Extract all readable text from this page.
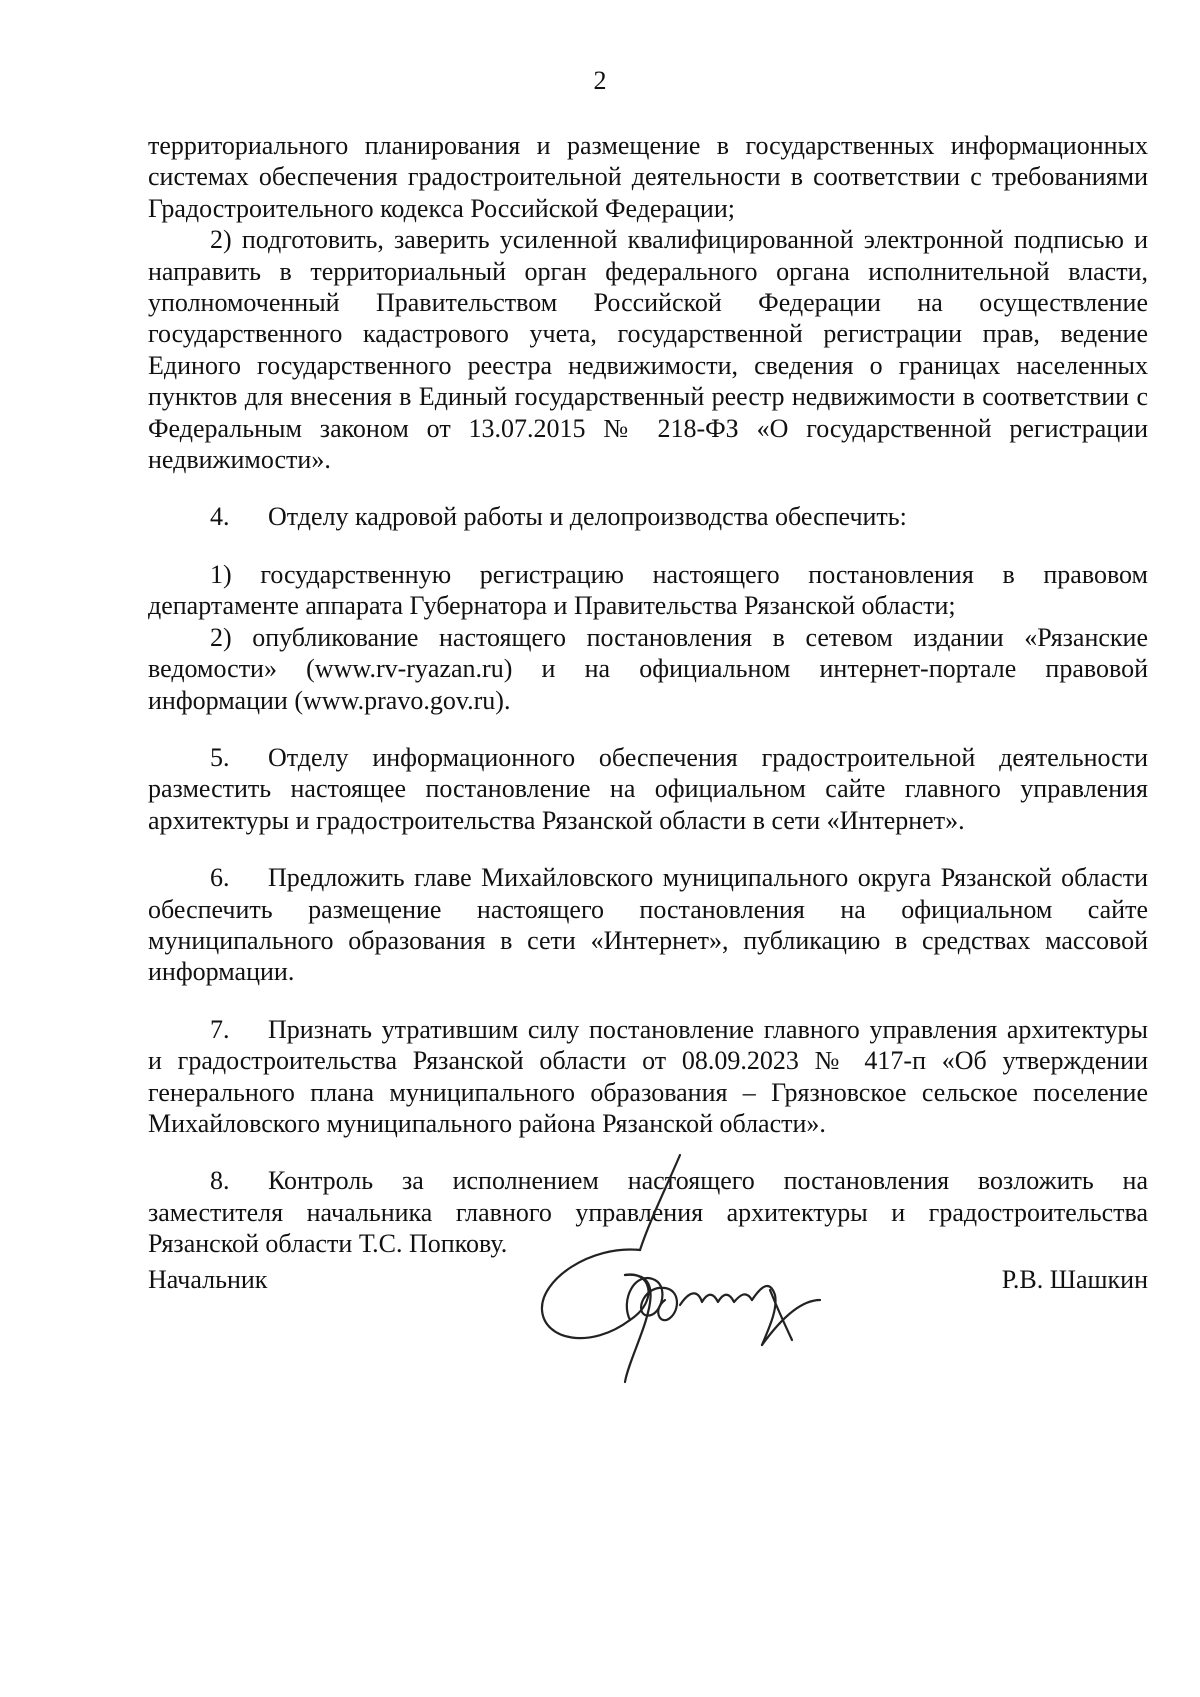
2

территориального планирования и размещение в государственных информационных системах обеспечения градостроительной деятельности в соответствии с требованиями Градостроительного кодекса Российской Федерации;

2) подготовить, заверить усиленной квалифицированной электронной подписью и направить в территориальный орган федерального органа исполнительной власти, уполномоченный Правительством Российской Федерации на осуществление государственного кадастрового учета, государственной регистрации прав, ведение Единого государственного реестра недвижимости, сведения о границах населенных пунктов для внесения в Единый государственный реестр недвижимости в соответствии с Федеральным законом от 13.07.2015 № 218-ФЗ «О государственной регистрации недвижимости».

4. Отделу кадровой работы и делопроизводства обеспечить:

1) государственную регистрацию настоящего постановления в правовом департаменте аппарата Губернатора и Правительства Рязанской области;

2) опубликование настоящего постановления в сетевом издании «Рязанские ведомости» (www.rv-ryazan.ru) и на официальном интернет-портале правовой информации (www.pravo.gov.ru).

5. Отделу информационного обеспечения градостроительной деятельности разместить настоящее постановление на официальном сайте главного управления архитектуры и градостроительства Рязанской области в сети «Интернет».

6. Предложить главе Михайловского муниципального округа Рязанской области обеспечить размещение настоящего постановления на официальном сайте муниципального образования в сети «Интернет», публикацию в средствах массовой информации.

7. Признать утратившим силу постановление главного управления архитектуры и градостроительства Рязанской области от 08.09.2023 № 417-п «Об утверждении генерального плана муниципального образования – Грязновское сельское поселение Михайловского муниципального района Рязанской области».

8. Контроль за исполнением настоящего постановления возложить на заместителя начальника главного управления архитектуры и градостроительства Рязанской области Т.С. Попкову.

Начальник	Р.В. Шашкин
